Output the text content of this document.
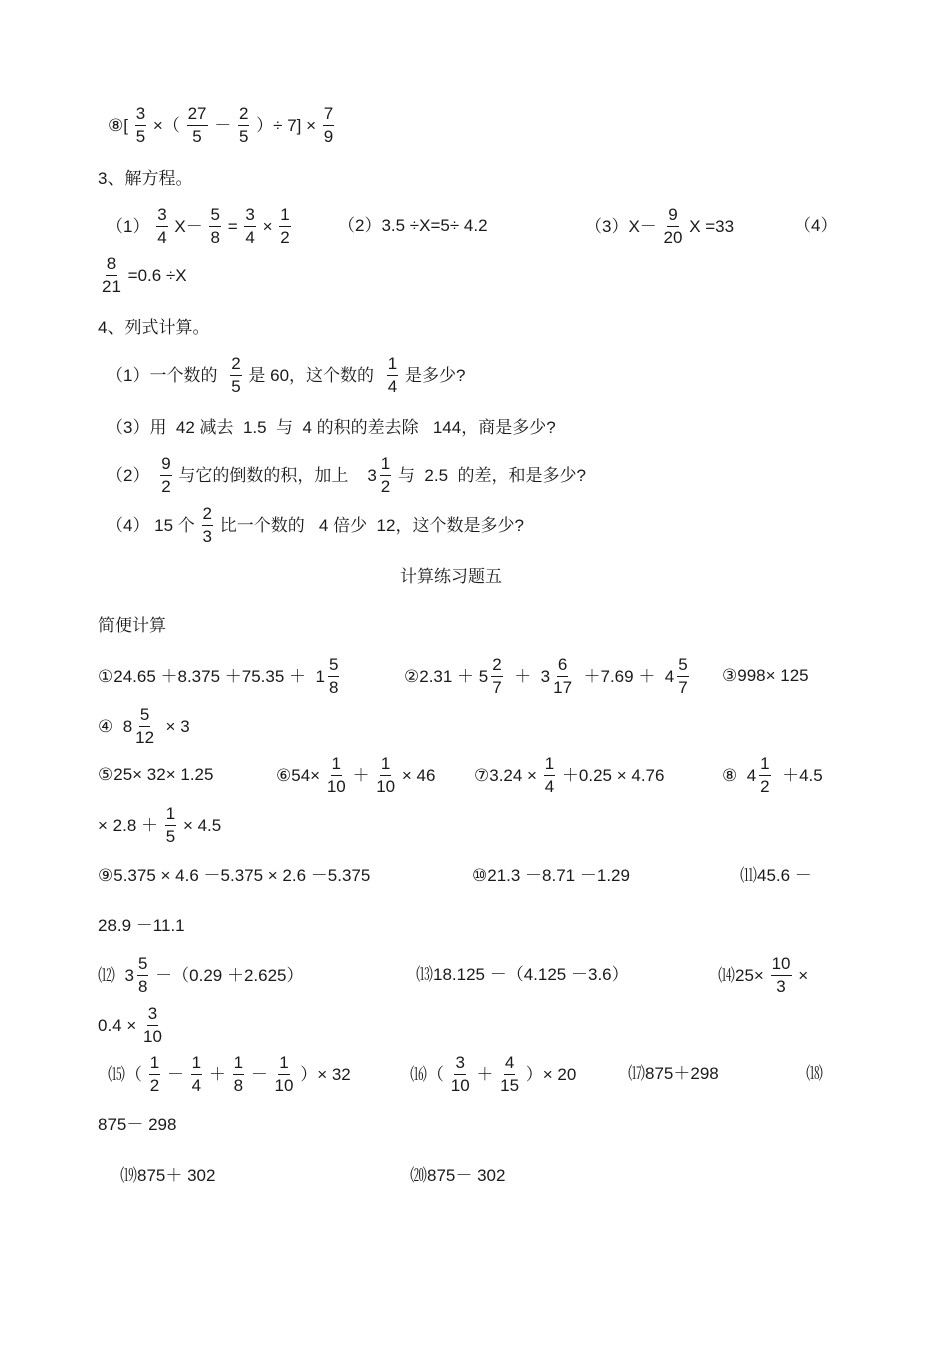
⑧[ $\frac{3}{5}$ ×（ $\frac{27}{5} - \frac{2}{5}$ ）÷ $7] \times \frac{7}{9}$
3、解方程。
$(1) \frac{3}{4} X- \frac{5}{8} = \frac{3}{4} \times \frac{1}{2}$	（2）3.5 ÷X=5÷ 4.2	$(3)X- \frac{9}{20}$ X =33	（4）
$\frac{8}{21} =0.6 \div X$
4、列式计算。
（1）一个数的 $\frac{2}{5}$ 是 60，这个数的 $\frac{1}{4}$ 是多少?
（3）用  42 减去  1.5  与  4 的积的差去除   144，商是多少?
$(2) \frac{9}{2}$ 与它的倒数的积，加上 $3 \frac{1}{2}$ 与  2.5  的差，和是多少?
（4） 15 个 $\frac{2}{3}$ 比一个数的   4 倍少  12，这个数是多少?
计算练习题五
简便计算
①24.65 $+8.375 +75.35 + 1 \frac{5}{8}$	②2.31 ＋ $5 \frac{2}{7} + 3 \frac{6}{17} +7.69 + 4 \frac{5}{7}$ ③998× 125
④ $8 \frac{5}{12} \times 3$
⑤25× 32× 1.25	⑥54× $\frac{1}{10} + \frac{1}{10} \times 46$ ⑦3.24 × $\frac{1}{4} +0.25 \times 4.76$	⑧ $4 \frac{1}{2} +4.5$
× $2.8 + \frac{1}{5} \times 4.5$
⑨5.375 × 4.6 －5.375 × 2.6 －5.375	⑩21.3 －8.71 －1.29	⑾45.6 －
28.9 －11.1
⑿ $3 \frac{5}{8} -(0.29 +2.625)$	⒀18.125 －（4.125 －3.6）	⒁25× $\frac{10}{3}$ ×
$0.4 \times \frac{3}{10}$
⒂（ $\frac{1}{2} - \frac{1}{4} + \frac{1}{8} - \frac{1}{10}$ ）× 32	⒃（ $\frac{3}{10} + \frac{4}{15}$ ）× 20	⒄875＋298	⒅
875－ 298
⒆875＋ 302	⒇875－ 302
